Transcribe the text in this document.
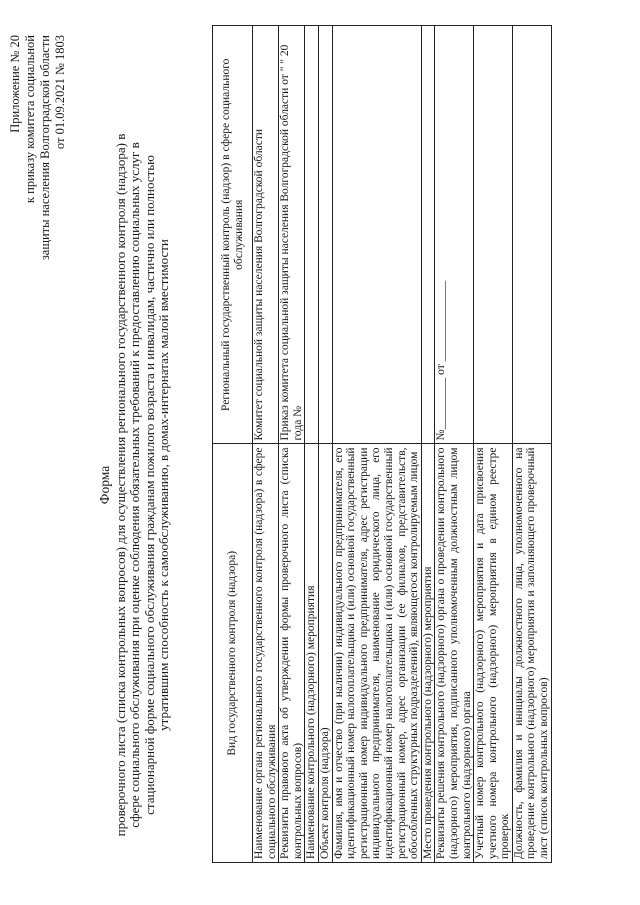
Приложение № 20 к приказу комитета социальной защиты населения Волгоградской области от 01.09.2021 № 1803
Форма проверочного листа (списка контрольных вопросов) для осуществления регионального государственного контроля (надзора) в сфере социального обслуживания при оценке соблюдения обязательных требований к предоставлению социальных услуг в стационарной форме социального обслуживания гражданам пожилого возраста и инвалидам, частично или полностью утратившим способность к самообслуживанию, в домах-интернатах малой вместимости	Вид государственного контроля (надзора)	Региональный государственный контроль (надзор) в сфере социального обслуживания
Наименование органа регионального государственного контроля (надзора) в сфере социального обслуживания	Комитет социальной защиты населения Волгоградской области
Реквизиты правового акта об утверждении формы проверочного листа (списка контрольных вопросов)	Приказ комитета социальной защиты населения Волгоградской области от " " 20 года №
Наименование контрольного (надзорного) мероприятия	
Объект контроля (надзора)	
Фамилия, имя и отчество (при наличии) индивидуального предпринимателя, его идентификационный номер налогоплательщика и (или) основной государственный регистрационный номер индивидуального предпринимателя, адрес регистрации индивидуального предпринимателя, наименование юридического лица, его идентификационный номер налогоплательщика и (или) основной государственный регистрационный номер, адрес организации (ее филиалов, представительств, обособленных структурных подразделений), являющегося контролируемым лицом	
Место проведения контрольного (надзорного) мероприятия	
Реквизиты решения контрольного (надзорного) органа о проведении контрольного (надзорного) мероприятия, подписанного уполномоченным должностным лицом контрольного (надзорного) органа	№_________ от ______________
Учетный номер контрольного (надзорного) мероприятия и дата присвоения учетного номера контрольного (надзорного) мероприятия в едином реестре проверок	
Должность, фамилия и инициалы должностного лица, уполномоченного на проведение контрольного (надзорного) мероприятия и заполняющего проверочный лист (список контрольных вопросов)	
